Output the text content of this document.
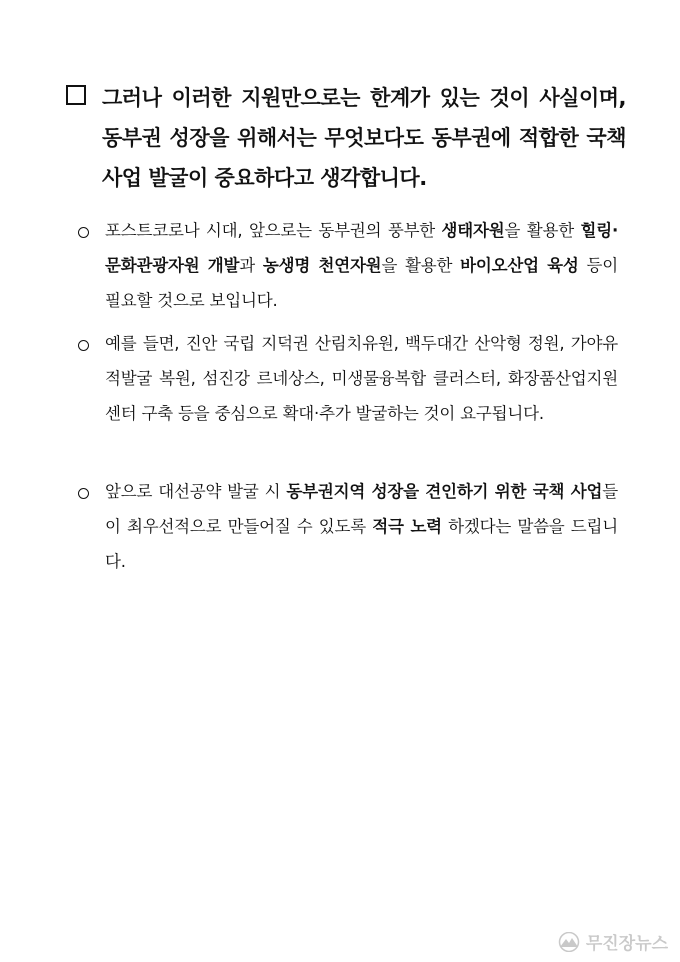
그러나 이러한 지원만으로는 한계가 있는 것이 사실이며, 동부권 성장을 위해서는 무엇보다도 동부권에 적합한 국책사업 발굴이 중요하다고 생각합니다.
포스트코로나 시대, 앞으로는 동부권의 풍부한 생태자원을 활용한 힐링·문화관광자원 개발과 농생명 천연자원을 활용한 바이오산업 육성 등이 필요할 것으로 보입니다.
예를 들면, 진안 국립 지덕권 산림치유원, 백두대간 산악형 정원, 가야유적발굴 복원, 섬진강 르네상스, 미생물융복합 클러스터, 화장품산업지원센터 구축 등을 중심으로 확대·추가 발굴하는 것이 요구됩니다.
앞으로 대선공약 발굴 시 동부권지역 성장을 견인하기 위한 국책 사업들이 최우선적으로 만들어질 수 있도록 적극 노력 하겠다는 말씀을 드립니다.
무진장뉴스
